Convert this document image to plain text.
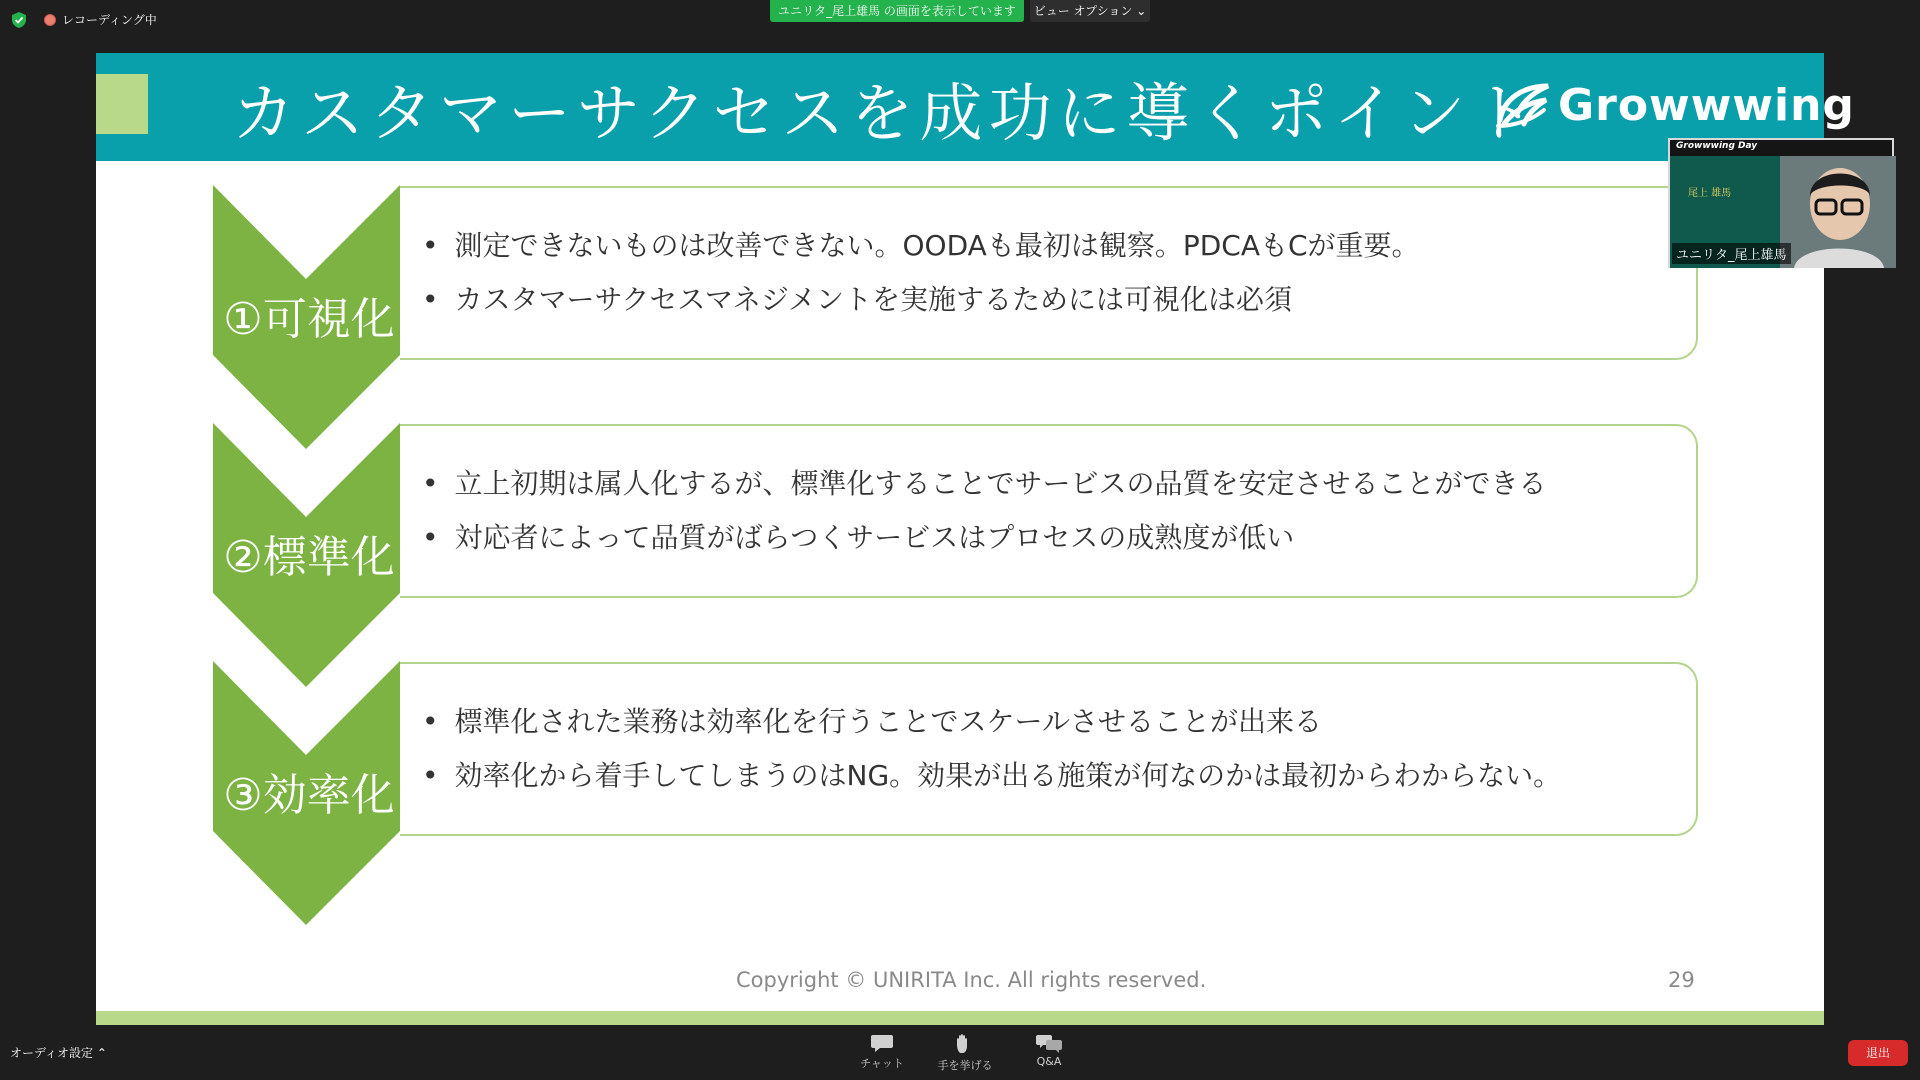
レコーディング中
ユニリタ_尾上雄馬 の画面を表示しています	ビュー オプション ⌄
カスタマーサクセスを成功に導くポイント Growwwing
①可視化
• 測定できないものは改善できない。OODAも最初は観察。PDCAもCが重要。
• カスタマーサクセスマネジメントを実施するためには可視化は必須
②標準化
• 立上初期は属人化するが、標準化することでサービスの品質を安定させることができる
• 対応者によって品質がばらつくサービスはプロセスの成熟度が低い
③効率化
• 標準化された業務は効率化を行うことでスケールさせることが出来る
• 効率化から着手してしまうのはNG。効果が出る施策が何なのかは最初からわからない。
Copyright © UNIRITA Inc. All rights reserved.	29
Growwwing Day
尾上 雄馬
ユニリタ_尾上雄馬
オーディオ設定 ⌃
チャット	手を挙げる	Q&A
退出
